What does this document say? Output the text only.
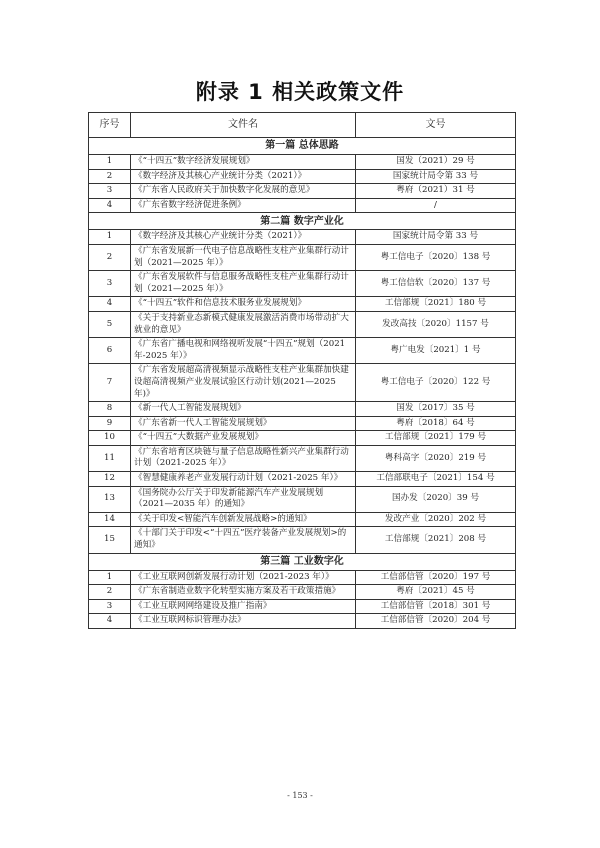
附录 1 相关政策文件
序号	文件名	文号
第一篇 总体思路		
1	《“十四五”数字经济发展规划》	国发（2021）29 号
2	《数字经济及其核心产业统计分类（2021）》	国家统计局令第 33 号
3	《广东省人民政府关于加快数字化发展的意见》	粤府（2021）31 号
4	《广东省数字经济促进条例》	/
第二篇 数字产业化		
1	《数字经济及其核心产业统计分类（2021）》	国家统计局令第 33 号
2	《广东省发展新一代电子信息战略性支柱产业集群行动计划（2021—2025 年）》	粤工信电子〔2020〕138 号
3	《广东省发展软件与信息服务战略性支柱产业集群行动计划（2021—2025 年）》	粤工信信软〔2020〕137 号
4	《“十四五”软件和信息技术服务业发展规划》	工信部规〔2021〕180 号
5	《关于支持新业态新模式健康发展激活消费市场带动扩大就业的意见》	发改高技〔2020〕1157 号
6	《广东省广播电视和网络视听发展“十四五”规划（2021 年-2025 年）》	粤广电发〔2021〕1 号
7	《广东省发展超高清视频显示战略性支柱产业集群加快建设超高清视频产业发展试验区行动计划(2021—2025 年)》	粤工信电子〔2020〕122 号
8	《新一代人工智能发展规划》	国发〔2017〕35 号
9	《广东省新一代人工智能发展规划》	粤府〔2018〕64 号
10	《“十四五”大数据产业发展规划》	工信部规〔2021〕179 号
11	《广东省培育区块链与量子信息战略性新兴产业集群行动计划（2021-2025 年）》	粤科高字〔2020〕219 号
12	《智慧健康养老产业发展行动计划（2021-2025 年）》	工信部联电子〔2021〕154 号
13	《国务院办公厅关于印发新能源汽车产业发展规划（2021—2035 年）的通知》	国办发〔2020〕39 号
14	《关于印发<智能汽车创新发展战略>的通知》	发改产业〔2020〕202 号
15	《十部门关于印发<“十四五”医疗装备产业发展规划>的通知》	工信部规〔2021〕208 号
第三篇 工业数字化		
1	《工业互联网创新发展行动计划（2021-2023 年）》	工信部信管〔2020〕197 号
2	《广东省制造业数字化转型实施方案及若干政策措施》	粤府〔2021〕45 号
3	《工业互联网网络建设及推广指南》	工信部信管〔2018〕301 号
4	《工业互联网标识管理办法》	工信部信管〔2020〕204 号
- 153 -
